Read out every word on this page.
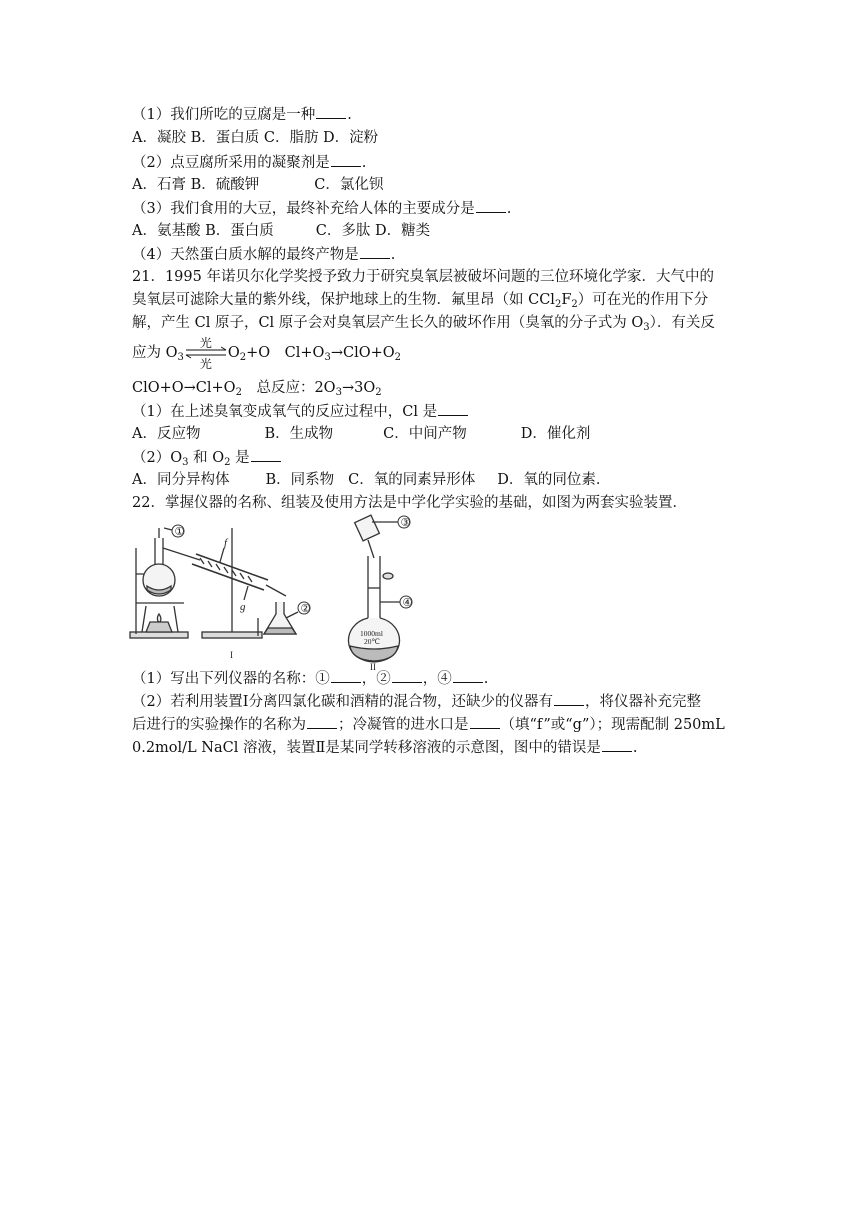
（1）我们所吃的豆腐是一种 .
A．凝胶 B．蛋白质 C．脂肪 D．淀粉
（2）点豆腐所采用的凝聚剂是 .
A．石膏 B．硫酸钾	C．氯化钡
（3）我们食用的大豆，最终补充给人体的主要成分是 .
A．氨基酸 B．蛋白质	C．多肽 D．糖类
（4）天然蛋白质水解的最终产物是 .
21．1995 年诺贝尔化学奖授予致力于研究臭氧层被破坏问题的三位环境化学家．大气中的
臭氧层可滤除大量的紫外线，保护地球上的生物．氟里昂（如 $CCl_2F_2$）可在光的作用下分
解，产生 Cl 原子，Cl 原子会对臭氧层产生长久的破坏作用（臭氧的分子式为 $O_3$）．有关反
应为 $O_3$
光
光
$O_2+O$　$Cl+O_3\to ClO+O_2$
$ClO+O\to Cl+O_2$　总反应：$2O_3\to 3O_2$
（1）在上述臭氧变成氧气的反应过程中，Cl 是
A．反应物	B．生成物	C．中间产物	D．催化剂
$(2)O_3$ 和 $O_2$ 是
A．同分异构体 B．同系物 C．氧的同素异形体 D．氧的同位素．
22．掌握仪器的名称、组装及使用方法是中学化学实验的基础，如图为两套实验装置．
①
②
③
④
f
g
1000ml
20℃
I
II
（1）写出下列仪器的名称：① ，② ，④ .
（2）若利用装置Ⅰ分离四氯化碳和酒精的混合物，还缺少的仪器有 ，将仪器补充完整
后进行的实验操作的名称为 ；冷凝管的进水口是 （填“f”或“g”）；现需配制 250mL
0.2mol/L NaCl 溶液，装置Ⅱ是某同学转移溶液的示意图，图中的错误是 .
